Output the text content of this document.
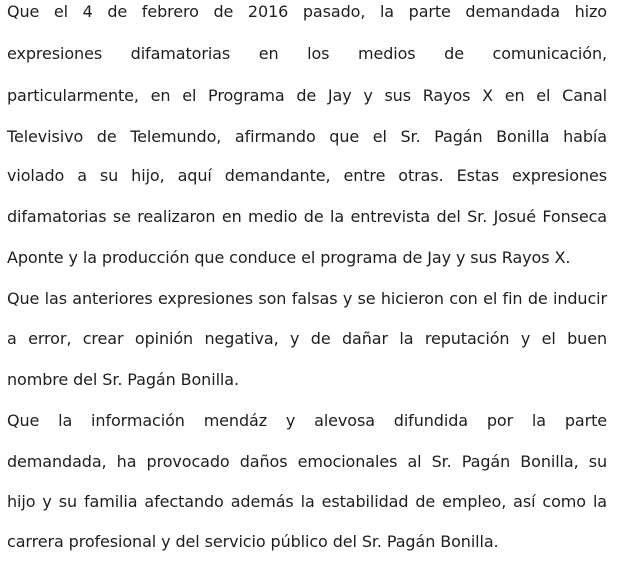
Que el 4 de febrero de 2016 pasado, la parte demandada hizo
expresiones difamatorias en los medios de comunicación,
particularmente, en el Programa de Jay y sus Rayos X en el Canal
Televisivo de Telemundo, afirmando que el Sr. Pagán Bonilla había
violado a su hijo, aquí demandante, entre otras. Estas expresiones
difamatorias se realizaron en medio de la entrevista del Sr. Josué Fonseca
Aponte y la producción que conduce el programa de Jay y sus Rayos X.
Que las anteriores expresiones son falsas y se hicieron con el fin de inducir
a error, crear opinión negativa, y de dañar la reputación y el buen
nombre del Sr. Pagán Bonilla.
Que la información mendáz y alevosa difundida por la parte
demandada, ha provocado daños emocionales al Sr. Pagán Bonilla, su
hijo y su familia afectando además la estabilidad de empleo, así como la
carrera profesional y del servicio público del Sr. Pagán Bonilla.
